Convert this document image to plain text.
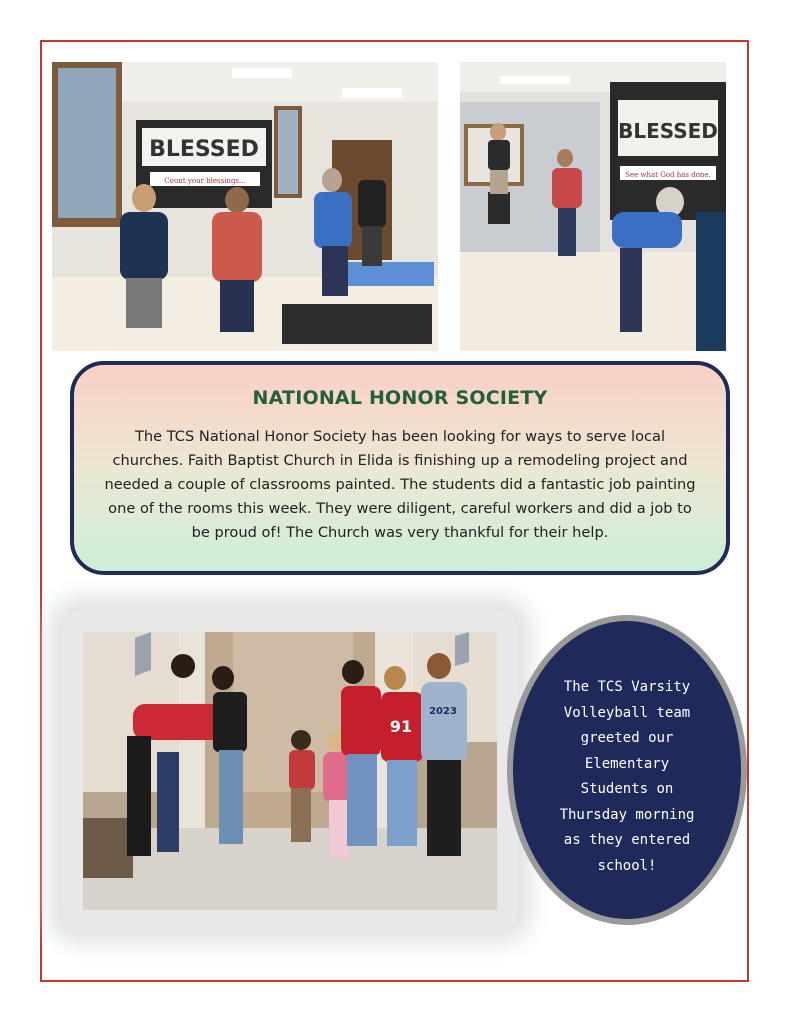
BLESSED
Count your blessings...
BLESSED
See what God has done.
NATIONAL HONOR SOCIETY
The TCS National Honor Society has been looking for ways to serve local
churches. Faith Baptist Church in Elida is finishing up a remodeling project and
needed a couple of classrooms painted. The students did a fantastic job painting
one of the rooms this week. They were diligent, careful workers and did a job to
be proud of! The Church was very thankful for their help.
91
2023
The TCS Varsity
Volleyball team
greeted our
Elementary
Students on
Thursday morning
as they entered
school!
